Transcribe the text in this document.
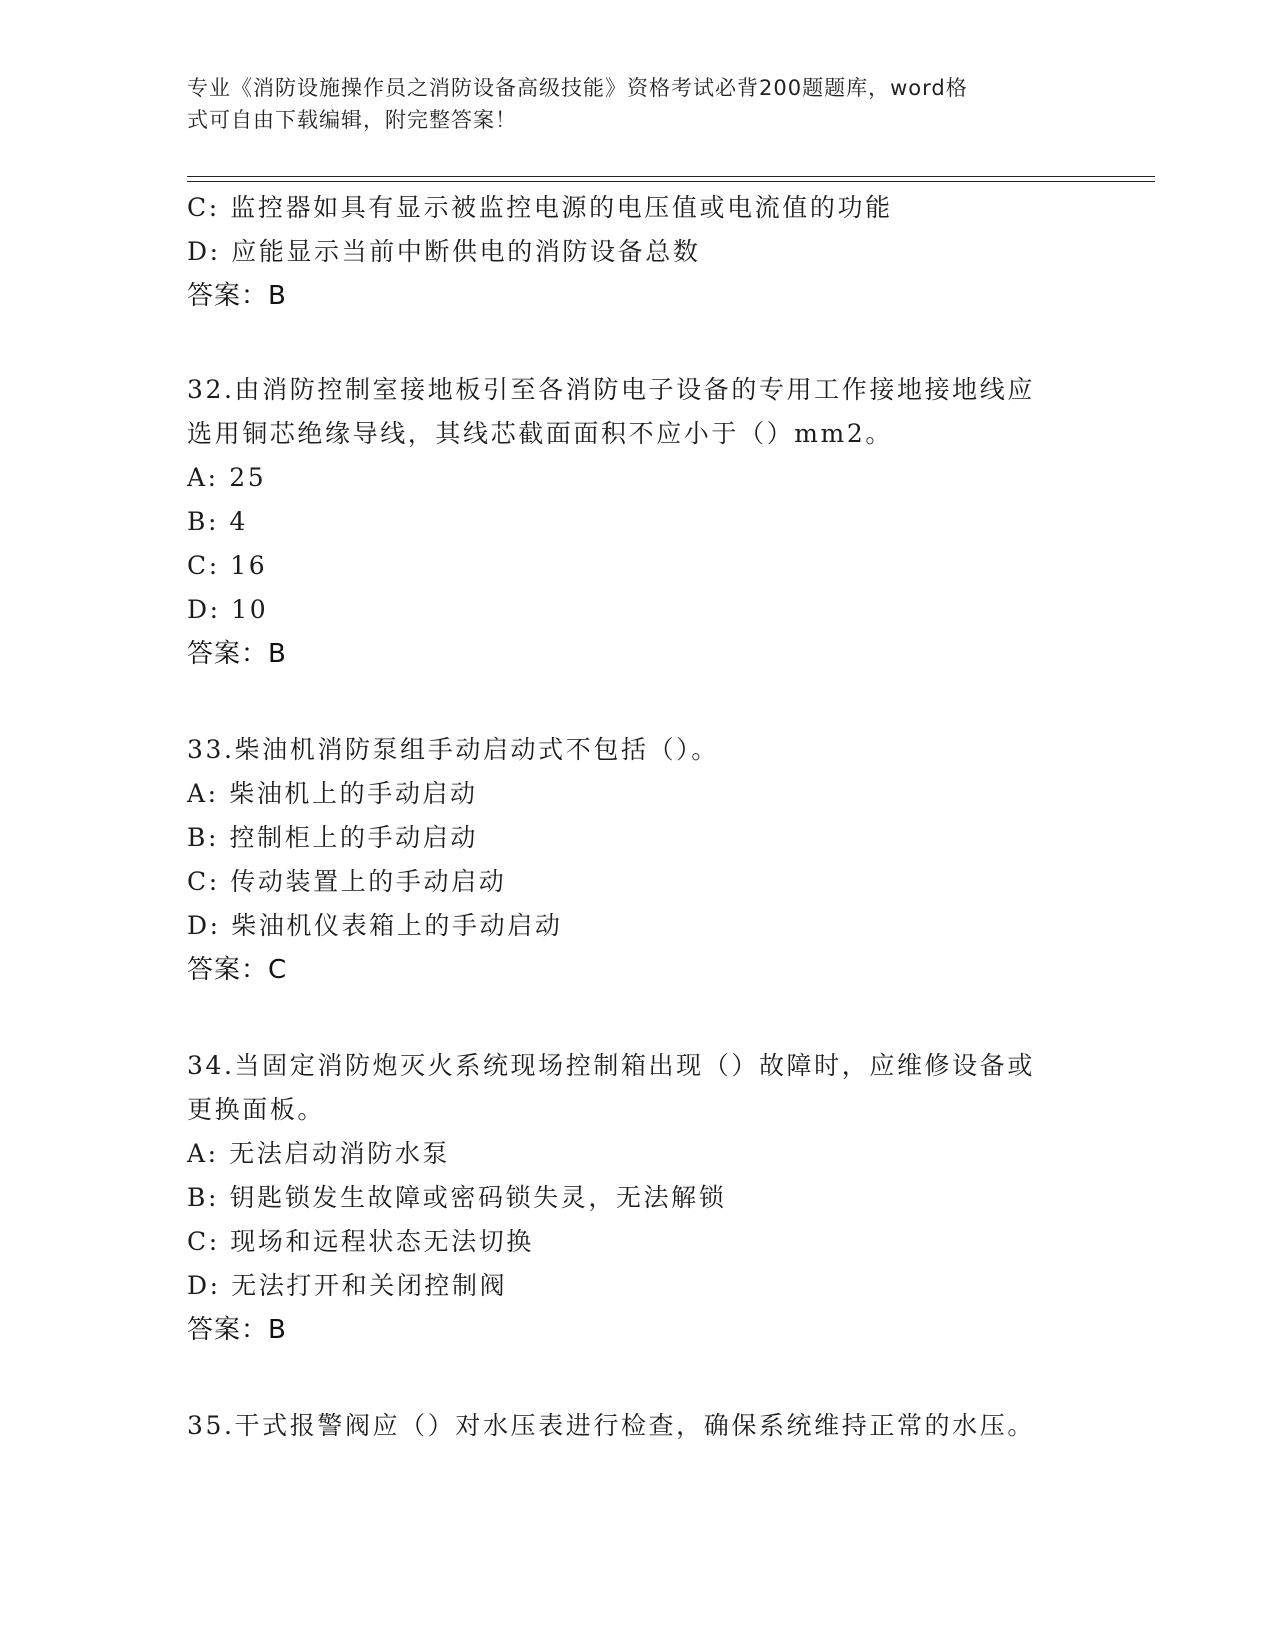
专业《消防设施操作员之消防设备高级技能》资格考试必背200题题库，word格
式可自由下载编辑，附完整答案！
C: 监控器如具有显示被监控电源的电压值或电流值的功能
D: 应能显示当前中断供电的消防设备总数
答案：B
32.由消防控制室接地板引至各消防电子设备的专用工作接地接地线应
选用铜芯绝缘导线，其线芯截面面积不应小于（）mm2。
A: 25
B: 4
C: 16
D: 10
答案：B
33.柴油机消防泵组手动启动式不包括（）。
A: 柴油机上的手动启动
B: 控制柜上的手动启动
C: 传动装置上的手动启动
D: 柴油机仪表箱上的手动启动
答案：C
34.当固定消防炮灭火系统现场控制箱出现（）故障时，应维修设备或
更换面板。
A: 无法启动消防水泵
B: 钥匙锁发生故障或密码锁失灵，无法解锁
C: 现场和远程状态无法切换
D: 无法打开和关闭控制阀
答案：B
35.干式报警阀应（）对水压表进行检查，确保系统维持正常的水压。
